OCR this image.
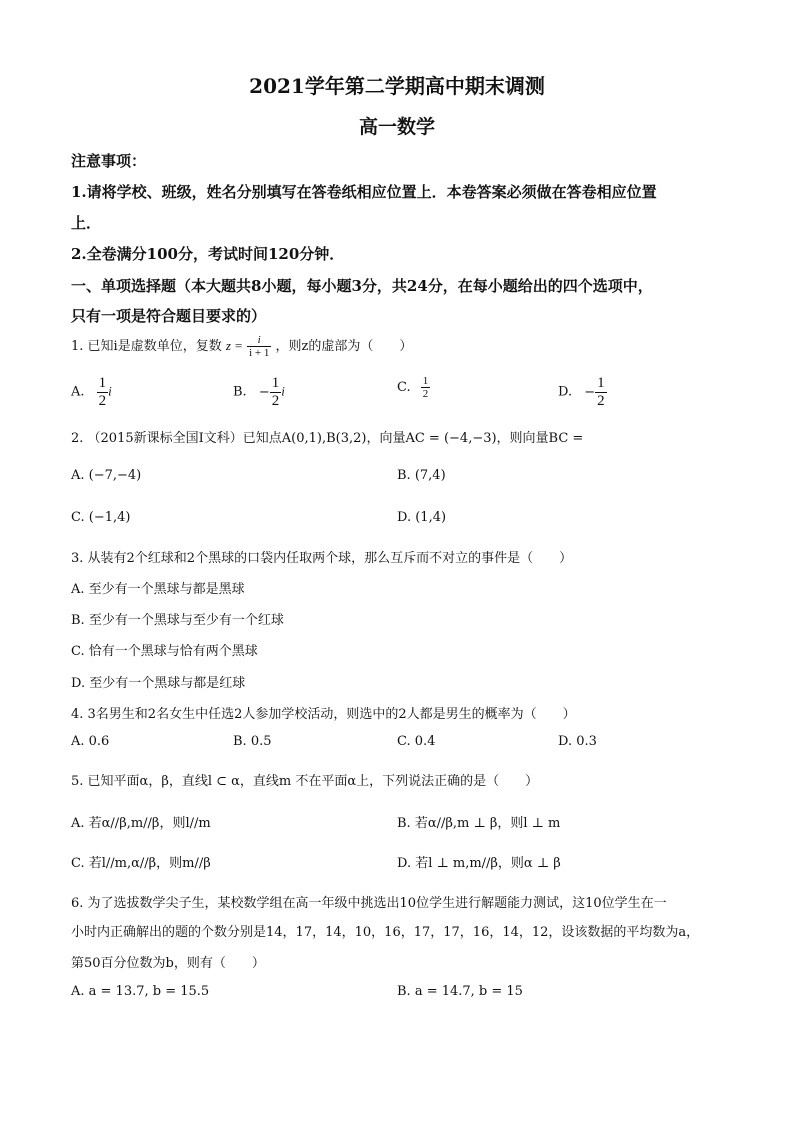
2021学年第二学期高中期末调测
高一数学
注意事项：
1.请将学校、班级，姓名分别填写在答卷纸相应位置上．本卷答案必须做在答卷相应位置
上．
2.全卷满分100分，考试时间120分钟．
一、单项选择题（本大题共8小题，每小题3分，共24分，在每小题给出的四个选项中，
只有一项是符合题目要求的）
1. 已知i是虚数单位，复数 $z = \frac{i}{i + 1}$ ，则z的虚部为（　　）
A. $\frac{1}{2}$ i	B. − $\frac{1}{2}$ i	C. $\frac{1}{2}$	D. − $\frac{1}{2}$
2. （2015新课标全国Ⅰ文科）已知点A(0,1),B(3,2)，向量AC = (−4,−3)，则向量BC =
A. (−7,−4)	B. (7,4)
C. (−1,4)	D. (1,4)
3. 从装有2个红球和2个黑球的口袋内任取两个球，那么互斥而不对立的事件是（　　）
A. 至少有一个黑球与都是黑球
B. 至少有一个黑球与至少有一个红球
C. 恰有一个黑球与恰有两个黑球
D. 至少有一个黑球与都是红球
4. 3名男生和2名女生中任选2人参加学校活动，则选中的2人都是男生的概率为（　　）
A. 0.6	B. 0.5	C. 0.4	D. 0.3
5. 已知平面α，β，直线l ⊂ α，直线m 不在平面α上，下列说法正确的是（　　）
A. 若α//β,m//β，则l//m	B. 若α//β,m ⊥ β，则l ⊥ m
C. 若l//m,α//β，则m//β	D. 若l ⊥ m,m//β，则α ⊥ β
6. 为了选拔数学尖子生，某校数学组在高一年级中挑选出10位学生进行解题能力测试，这10位学生在一
小时内正确解出的题的个数分别是14，17，14，10，16，17，17，16，14，12，设该数据的平均数为a，
第50百分位数为b，则有（　　）
A. a = 13.7, b = 15.5	B. a = 14.7, b = 15
